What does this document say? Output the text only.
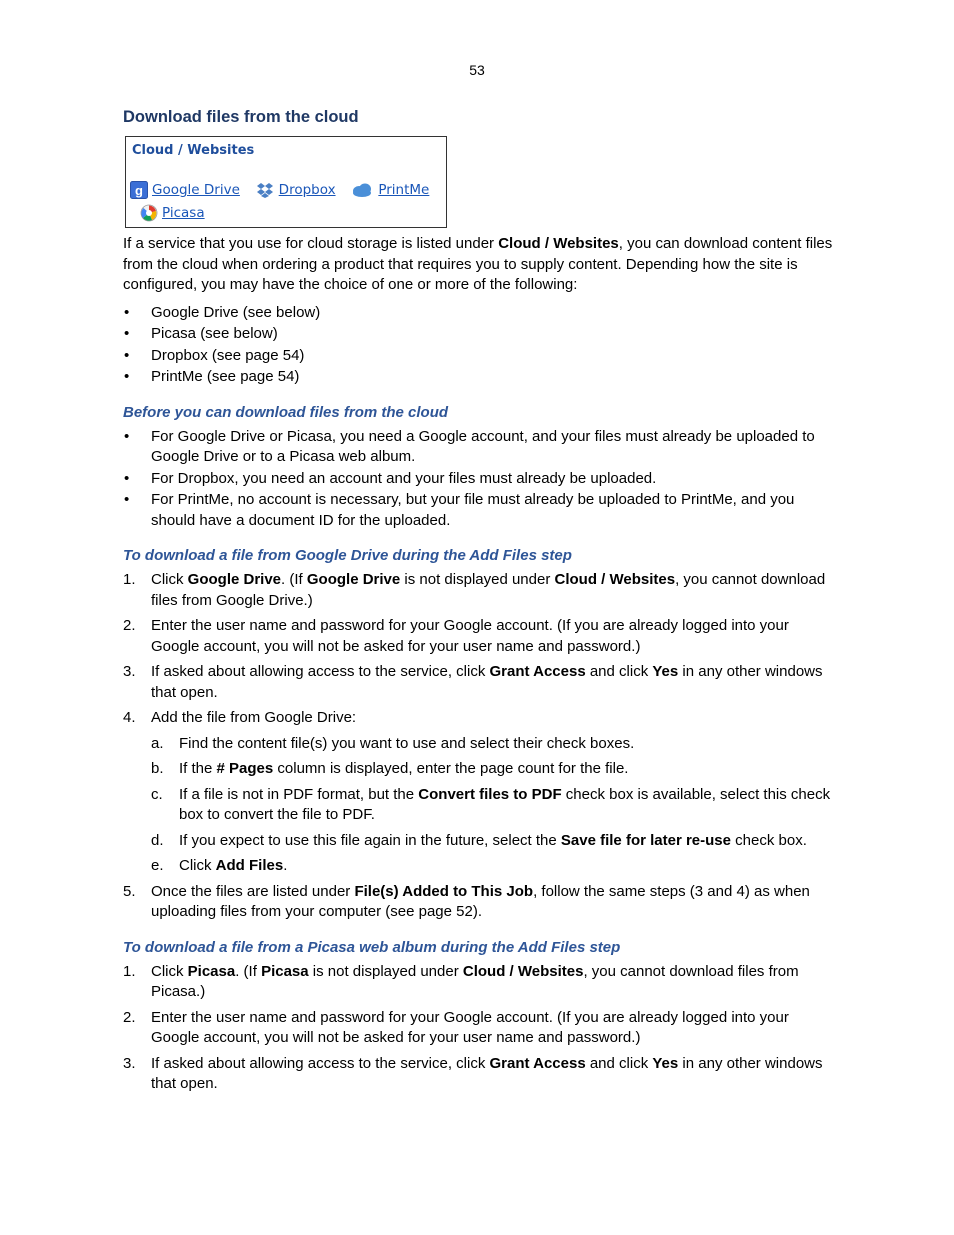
53
Download files from the cloud
Cloud / Websites
g Google Drive
	Dropbox
	PrintMe
Picasa

If a service that you use for cloud storage is listed under Cloud / Websites, you can download content files from the cloud when ordering a product that requires you to supply content. Depending how the site is configured, you may have the choice of one or more of the following:

• Google Drive (see below)
• Picasa (see below)
• Dropbox (see page 54)
• PrintMe (see page 54)
Before you can download files from the cloud
• For Google Drive or Picasa, you need a Google account, and your files must already be uploaded to Google Drive or to a Picasa web album.
• For Dropbox, you need an account and your files must already be uploaded.
• For PrintMe, no account is necessary, but your file must already be uploaded to PrintMe, and you should have a document ID for the uploaded.
To download a file from Google Drive during the Add Files step
1. Click Google Drive. (If Google Drive is not displayed under Cloud / Websites, you cannot download files from Google Drive.)
2. Enter the user name and password for your Google account. (If you are already logged into your Google account, you will not be asked for your user name and password.)
3. If asked about allowing access to the service, click Grant Access and click Yes in any other windows that open.
4. Add the file from Google Drive:
a. Find the content file(s) you want to use and select their check boxes.
b. If the # Pages column is displayed, enter the page count for the file.
c. If a file is not in PDF format, but the Convert files to PDF check box is available, select this check box to convert the file to PDF.
d. If you expect to use this file again in the future, select the Save file for later re-use check box.
e. Click Add Files.
5. Once the files are listed under File(s) Added to This Job, follow the same steps (3 and 4) as when uploading files from your computer (see page 52).
To download a file from a Picasa web album during the Add Files step
1. Click Picasa. (If Picasa is not displayed under Cloud / Websites, you cannot download files from Picasa.)
2. Enter the user name and password for your Google account. (If you are already logged into your Google account, you will not be asked for your user name and password.)
3. If asked about allowing access to the service, click Grant Access and click Yes in any other windows that open.
